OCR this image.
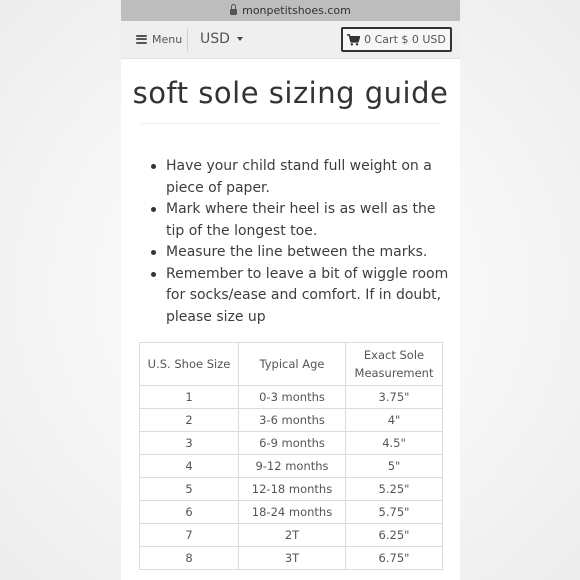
monpetitshoes.com
Menu USD	0 Cart $ 0 USD
soft sole sizing guide
Have your child stand full weight on a piece of paper.
Mark where their heel is as well as the tip of the longest toe.
Measure the line between the marks.
Remember to leave a bit of wiggle room for socks/ease and comfort. If in doubt, please size up
U.S. Shoe Size	Typical Age	Exact Sole Measurement
1	0-3 months	3.75"
2	3-6 months	4"
3	6-9 months	4.5"
4	9-12 months	5"
5	12-18 months	5.25"
6	18-24 months	5.75"
7	2T	6.25"
8	3T	6.75"
